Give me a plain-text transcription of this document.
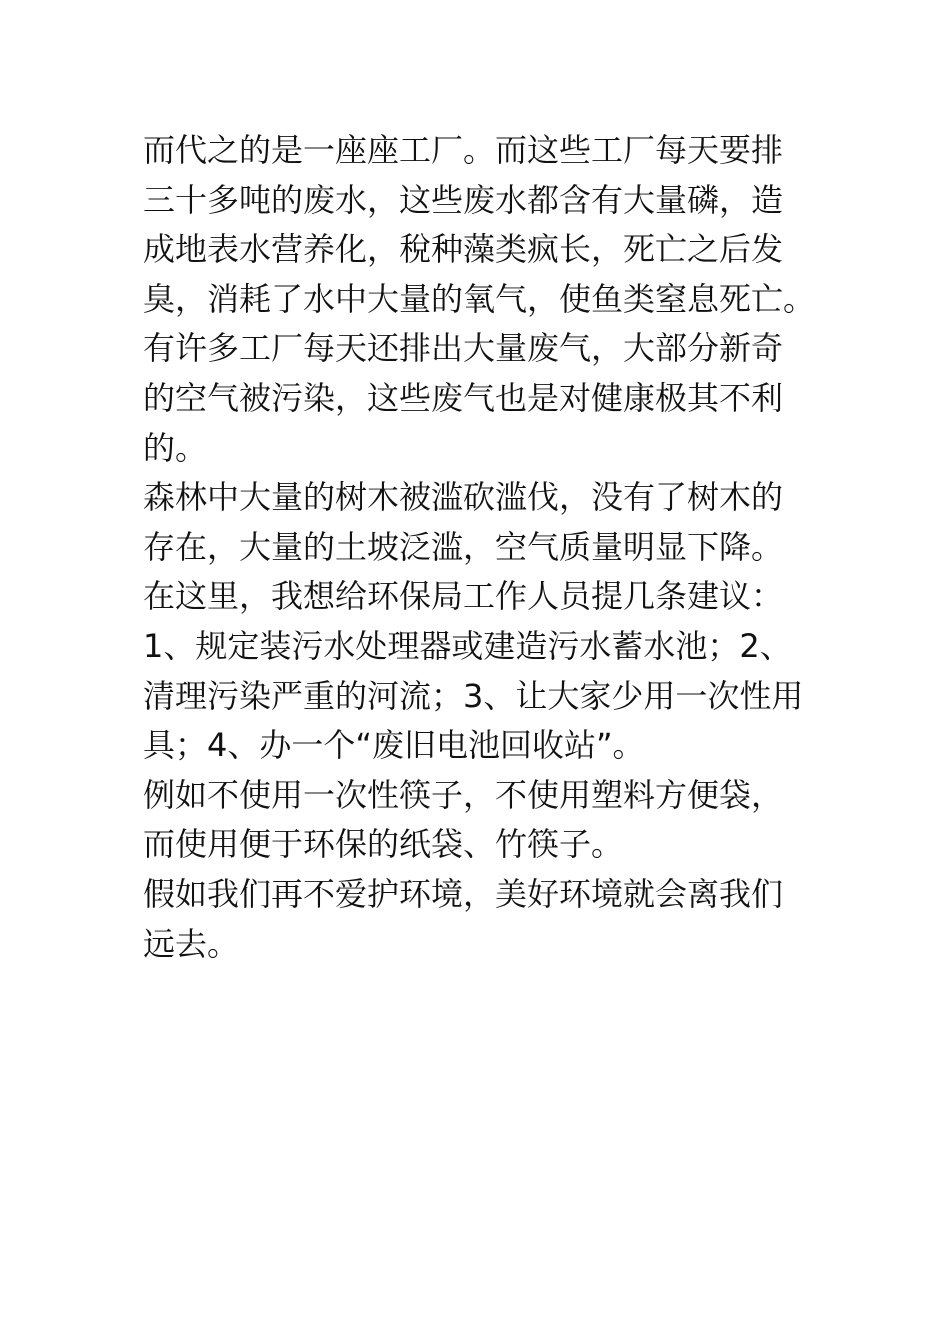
而代之的是一座座工厂。而这些工厂每天要排
三十多吨的废水，这些废水都含有大量磷，造
成地表水营养化，稅种藻类疯长，死亡之后发
臭，消耗了水中大量的氧气，使鱼类窒息死亡。
有许多工厂每天还排出大量废气，大部分新奇
的空气被污染，这些废气也是对健康极其不利
的。
森林中大量的树木被滥砍滥伐，没有了树木的
存在，大量的土坡泛滥，空气质量明显下降。
在这里，我想给环保局工作人员提几条建议：
1、规定装污水处理器或建造污水蓄水池；2、
清理污染严重的河流；3、让大家少用一次性用
具；4、办一个“废旧电池回收站”。
例如不使用一次性筷子，不使用塑料方便袋，
而使用便于环保的纸袋、竹筷子。
假如我们再不爱护环境，美好环境就会离我们
远去。
